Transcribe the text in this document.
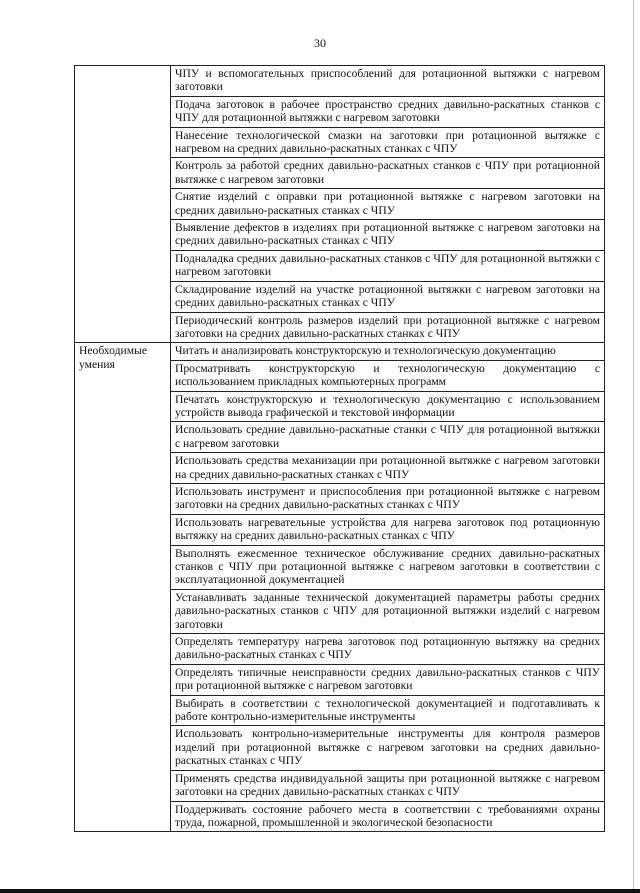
30
	ЧПУ и вспомогательных приспособлений для ротационной вытяжки с нагревом заготовки
	Подача заготовок в рабочее пространство средних давильно-раскатных станков с ЧПУ для ротационной вытяжки с нагревом заготовки
	Нанесение технологической смазки на заготовки при ротационной вытяжке с нагревом на средних давильно-раскатных станках с ЧПУ
	Контроль за работой средних давильно-раскатных станков с ЧПУ при ротационной вытяжке с нагревом заготовки
	Снятие изделий с оправки при ротационной вытяжке с нагревом заготовки на средних давильно-раскатных станках с ЧПУ
	Выявление дефектов в изделиях при ротационной вытяжке с нагревом заготовки на средних давильно-раскатных станках с ЧПУ
	Подналадка средних давильно-раскатных станков с ЧПУ для ротационной вытяжки с нагревом заготовки
	Складирование изделий на участке ротационной вытяжки с нагревом заготовки на средних давильно-раскатных станках с ЧПУ
	Периодический контроль размеров изделий при ротационной вытяжке с нагревом заготовки на средних давильно-раскатных станках с ЧПУ
Необходимые умения	Читать и анализировать конструкторскую и технологическую документацию
	Просматривать конструкторскую и технологическую документацию с использованием прикладных компьютерных программ
	Печатать конструкторскую и технологическую документацию с использованием устройств вывода графической и текстовой информации
	Использовать средние давильно-раскатные станки с ЧПУ для ротационной вытяжки с нагревом заготовки
	Использовать средства механизации при ротационной вытяжке с нагревом заготовки на средних давильно-раскатных станках с ЧПУ
	Использовать инструмент и приспособления при ротационной вытяжке с нагревом заготовки на средних давильно-раскатных станках с ЧПУ
	Использовать нагревательные устройства для нагрева заготовок под ротационную вытяжку на средних давильно-раскатных станках с ЧПУ
	Выполнять ежесменное техническое обслуживание средних давильно-раскатных станков с ЧПУ при ротационной вытяжке с нагревом заготовки в соответствии с эксплуатационной документацией
	Устанавливать заданные технической документацией параметры работы средних давильно-раскатных станков с ЧПУ для ротационной вытяжки изделий с нагревом заготовки
	Определять температуру нагрева заготовок под ротационную вытяжку на средних давильно-раскатных станках с ЧПУ
	Определять типичные неисправности средних давильно-раскатных станков с ЧПУ при ротационной вытяжке с нагревом заготовки
	Выбирать в соответствии с технологической документацией и подготавливать к работе контрольно-измерительные инструменты
	Использовать контрольно-измерительные инструменты для контроля размеров изделий при ротационной вытяжке с нагревом заготовки на средних давильно-раскатных станках с ЧПУ
	Применять средства индивидуальной защиты при ротационной вытяжке с нагревом заготовки на средних давильно-раскатных станках с ЧПУ
	Поддерживать состояние рабочего места в соответствии с требованиями охраны труда, пожарной, промышленной и экологической безопасности
